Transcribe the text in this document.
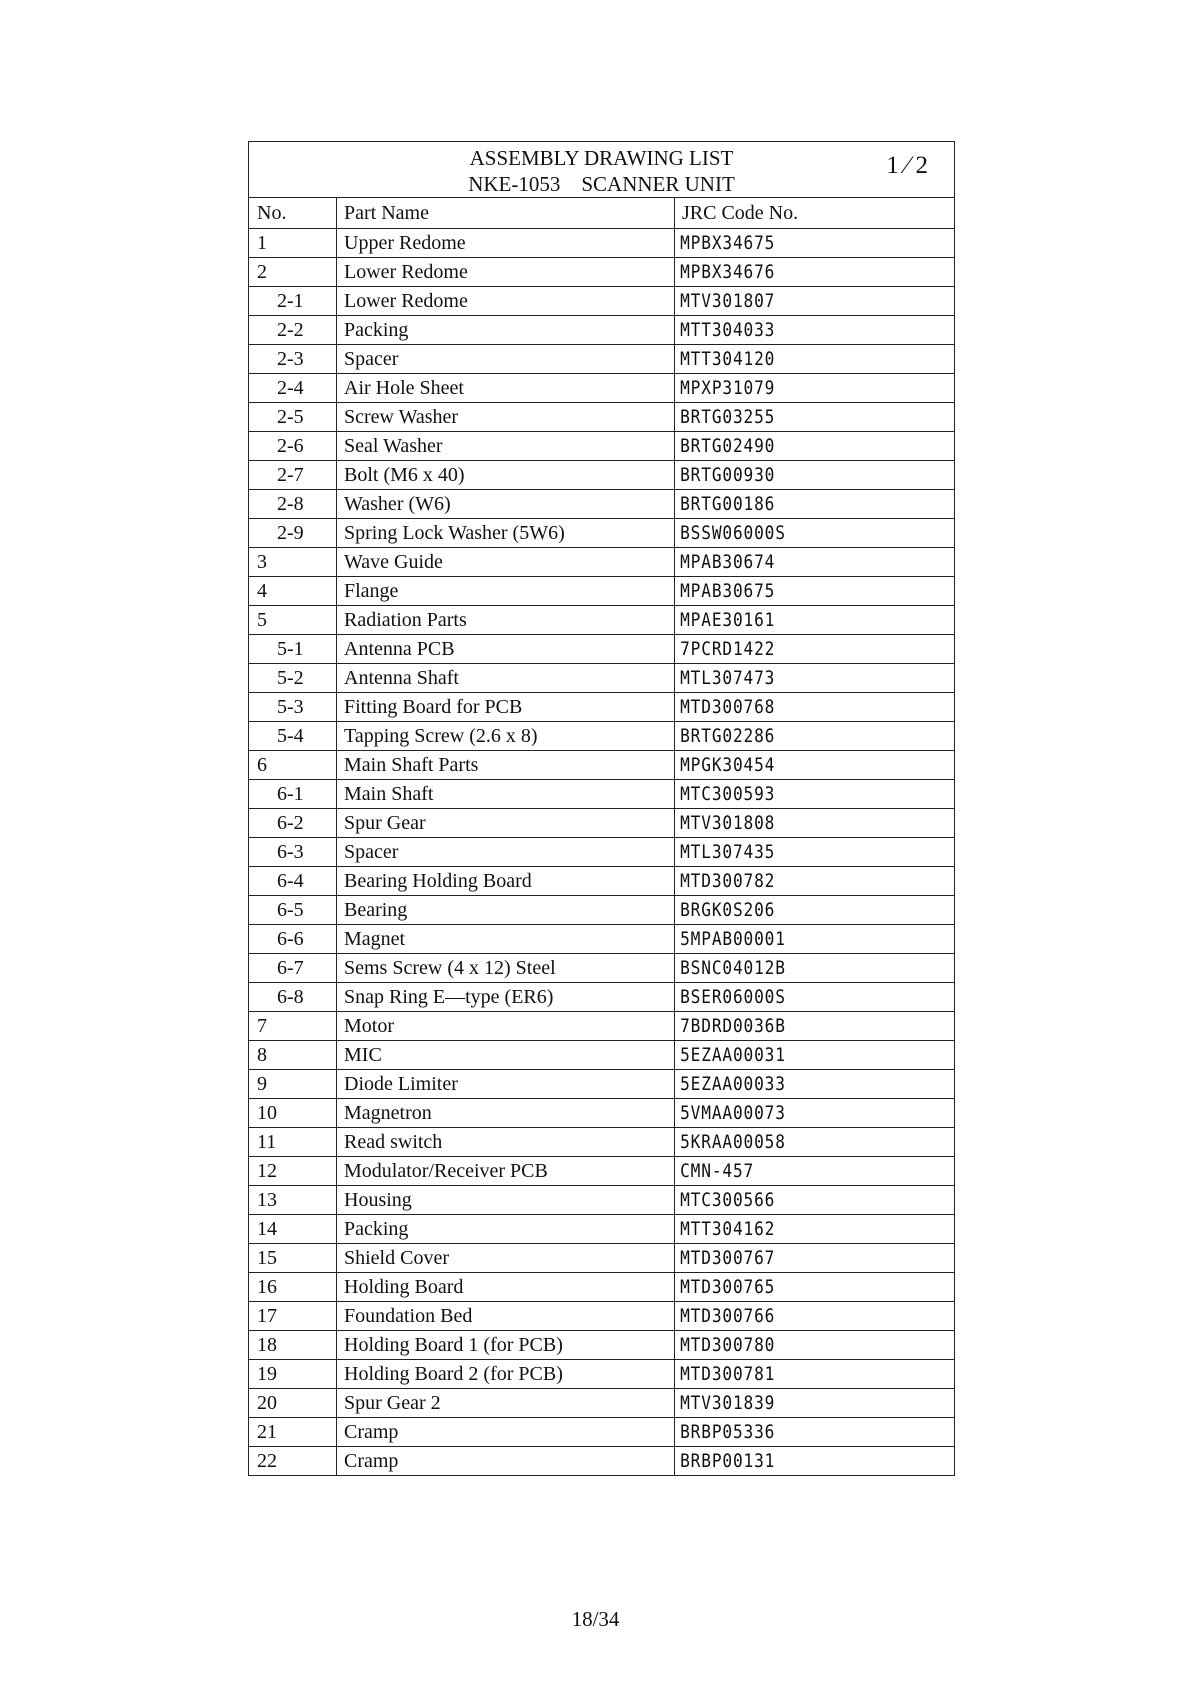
ASSEMBLY DRAWING LIST
NKE-1053    SCANNER UNIT
1 ⁄ 2		

No.	Part Name	JRC Code No.
1	Upper Redome	MPBX34675
2	Lower Redome	MPBX34676
2-1	Lower Redome	MTV301807
2-2	Packing	MTT304033
2-3	Spacer	MTT304120
2-4	Air Hole Sheet	MPXP31079
2-5	Screw Washer	BRTG03255
2-6	Seal Washer	BRTG02490
2-7	Bolt (M6 x 40)	BRTG00930
2-8	Washer (W6)	BRTG00186
2-9	Spring Lock Washer (5W6)	BSSW06000S
3	Wave Guide	MPAB30674
4	Flange	MPAB30675
5	Radiation Parts	MPAE30161
5-1	Antenna PCB	7PCRD1422
5-2	Antenna Shaft	MTL307473
5-3	Fitting Board for PCB	MTD300768
5-4	Tapping Screw (2.6 x 8)	BRTG02286
6	Main Shaft Parts	MPGK30454
6-1	Main Shaft	MTC300593
6-2	Spur Gear	MTV301808
6-3	Spacer	MTL307435
6-4	Bearing Holding Board	MTD300782
6-5	Bearing	BRGK0S206
6-6	Magnet	5MPAB00001
6-7	Sems Screw (4 x 12) Steel	BSNC04012B
6-8	Snap Ring E—type (ER6)	BSER06000S
7	Motor	7BDRD0036B
8	MIC	5EZAA00031
9	Diode Limiter	5EZAA00033
10	Magnetron	5VMAA00073
11	Read switch	5KRAA00058
12	Modulator/Receiver PCB	CMN-457
13	Housing	MTC300566
14	Packing	MTT304162
15	Shield Cover	MTD300767
16	Holding Board	MTD300765
17	Foundation Bed	MTD300766
18	Holding Board 1 (for PCB)	MTD300780
19	Holding Board 2 (for PCB)	MTD300781
20	Spur Gear 2	MTV301839
21	Cramp	BRBP05336
22	Cramp	BRBP00131
18/34
